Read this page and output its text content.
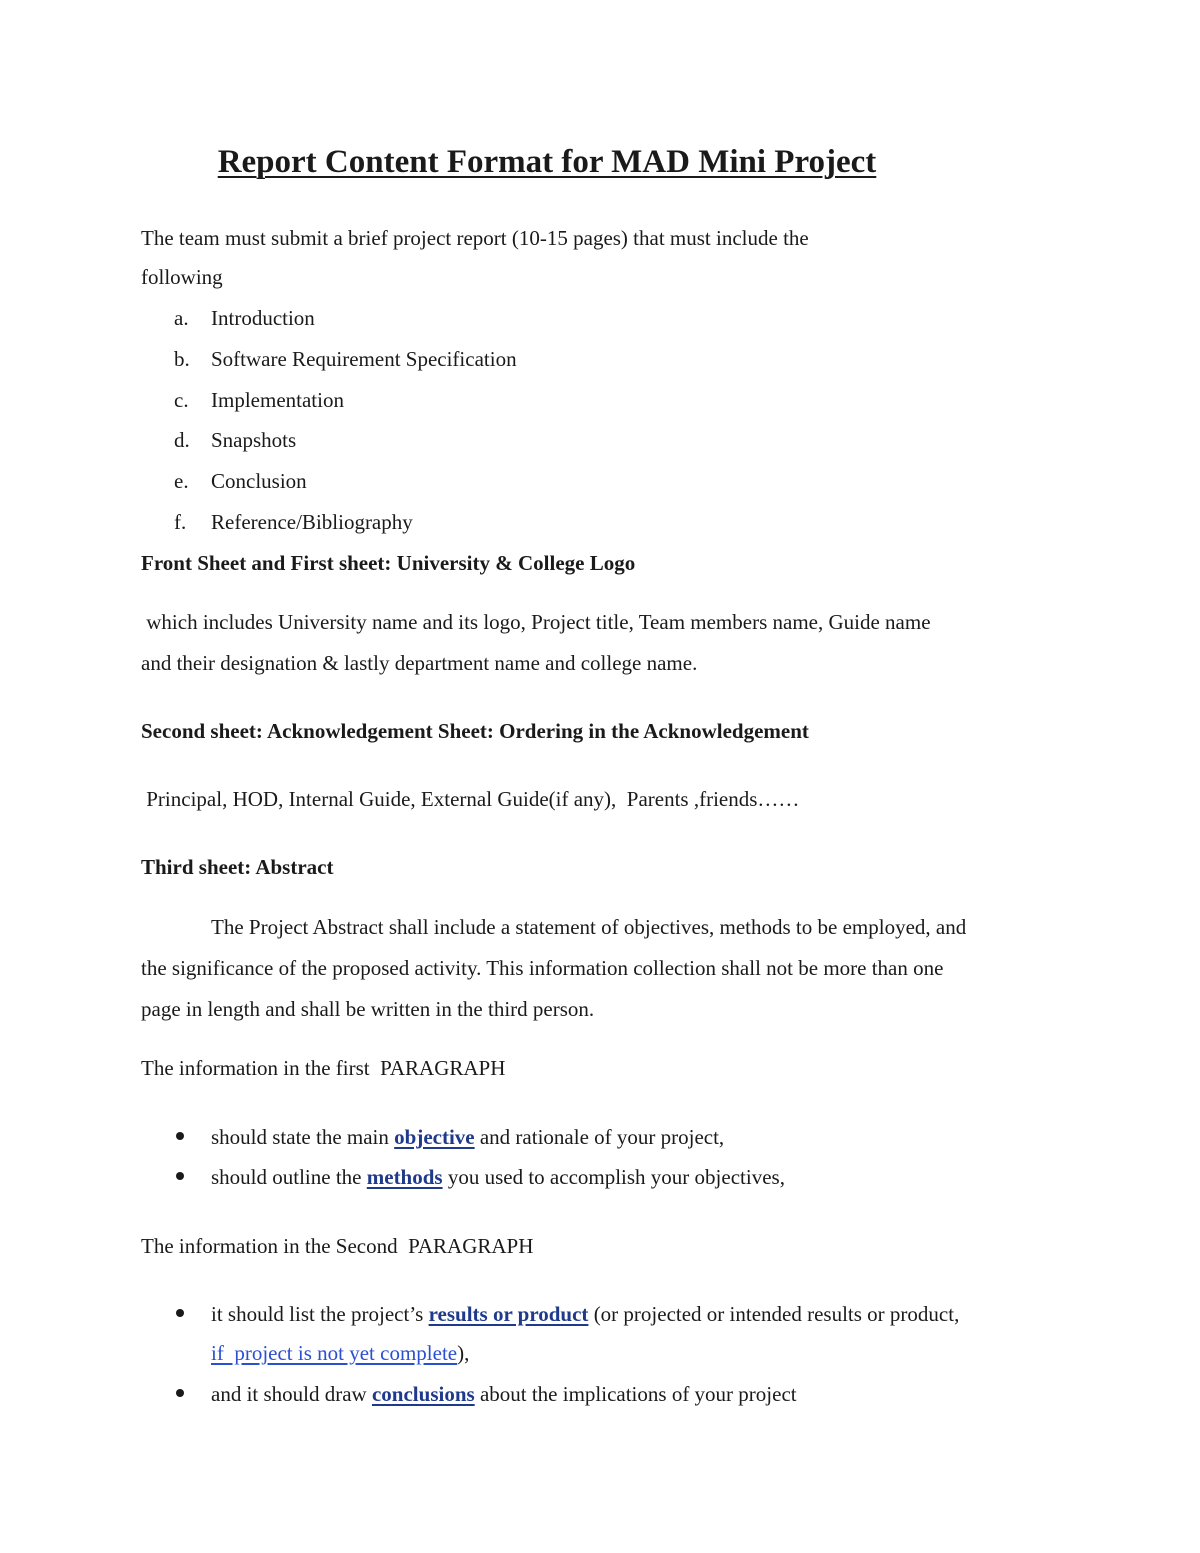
Report Content Format for MAD Mini Project
The team must submit a brief project report (10-15 pages) that must include the
following
a. Introduction
b. Software Requirement Specification
c. Implementation
d. Snapshots
e. Conclusion
f. Reference/Bibliography
Front Sheet and First sheet: University & College Logo
which includes University name and its logo, Project title, Team members name, Guide name
and their designation & lastly department name and college name.
Second sheet: Acknowledgement Sheet: Ordering in the Acknowledgement
Principal, HOD, Internal Guide, External Guide(if any),  Parents ,friends……
Third sheet: Abstract
The Project Abstract shall include a statement of objectives, methods to be employed, and
the significance of the proposed activity. This information collection shall not be more than one
page in length and shall be written in the third person.
The information in the first  PARAGRAPH
should state the main objective and rationale of your project,
should outline the methods you used to accomplish your objectives,
The information in the Second  PARAGRAPH
it should list the project’s results or product (or projected or intended results or product,
if  project is not yet complete),
and it should draw conclusions about the implications of your project
